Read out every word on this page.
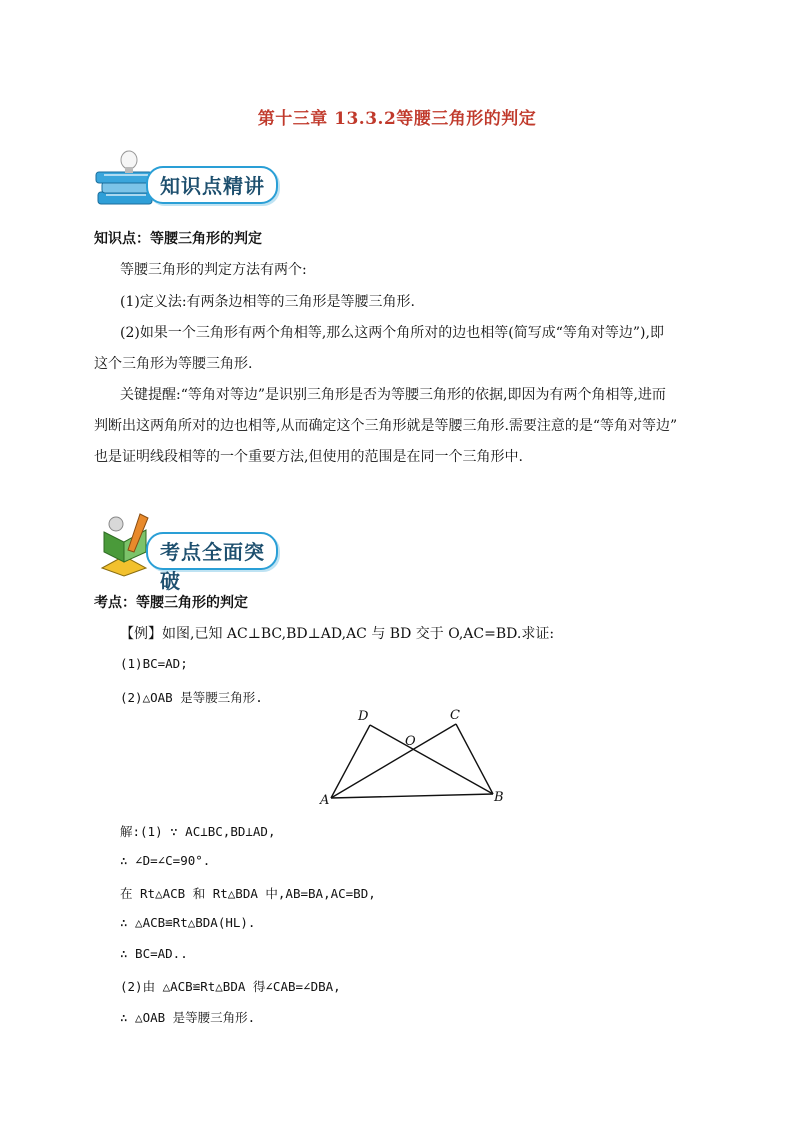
第十三章 13.3.2等腰三角形的判定
知识点精讲
知识点：等腰三角形的判定
等腰三角形的判定方法有两个:
(1)定义法:有两条边相等的三角形是等腰三角形.
(2)如果一个三角形有两个角相等,那么这两个角所对的边也相等(简写成“等角对等边”),即
这个三角形为等腰三角形.
关键提醒:“等角对等边”是识别三角形是否为等腰三角形的依据,即因为有两个角相等,进而
判断出这两角所对的边也相等,从而确定这个三角形就是等腰三角形.需要注意的是“等角对等边”
也是证明线段相等的一个重要方法,但使用的范围是在同一个三角形中.
考点全面突破
考点：等腰三角形的判定
【例】如图,已知 AC⊥BC,BD⊥AD,AC 与 BD 交于 O,AC=BD.求证:
(1)BC=AD;
(2)△OAB 是等腰三角形.
D	C
O
A	B
解:(1) ∵ AC⊥BC,BD⊥AD,
∴ ∠D=∠C=90°.
在 Rt△ACB 和 Rt△BDA 中,AB=BA,AC=BD,
∴ △ACB≌Rt△BDA(HL).
∴ BC=AD..
(2)由 △ACB≌Rt△BDA 得∠CAB=∠DBA,
∴ △OAB 是等腰三角形.
